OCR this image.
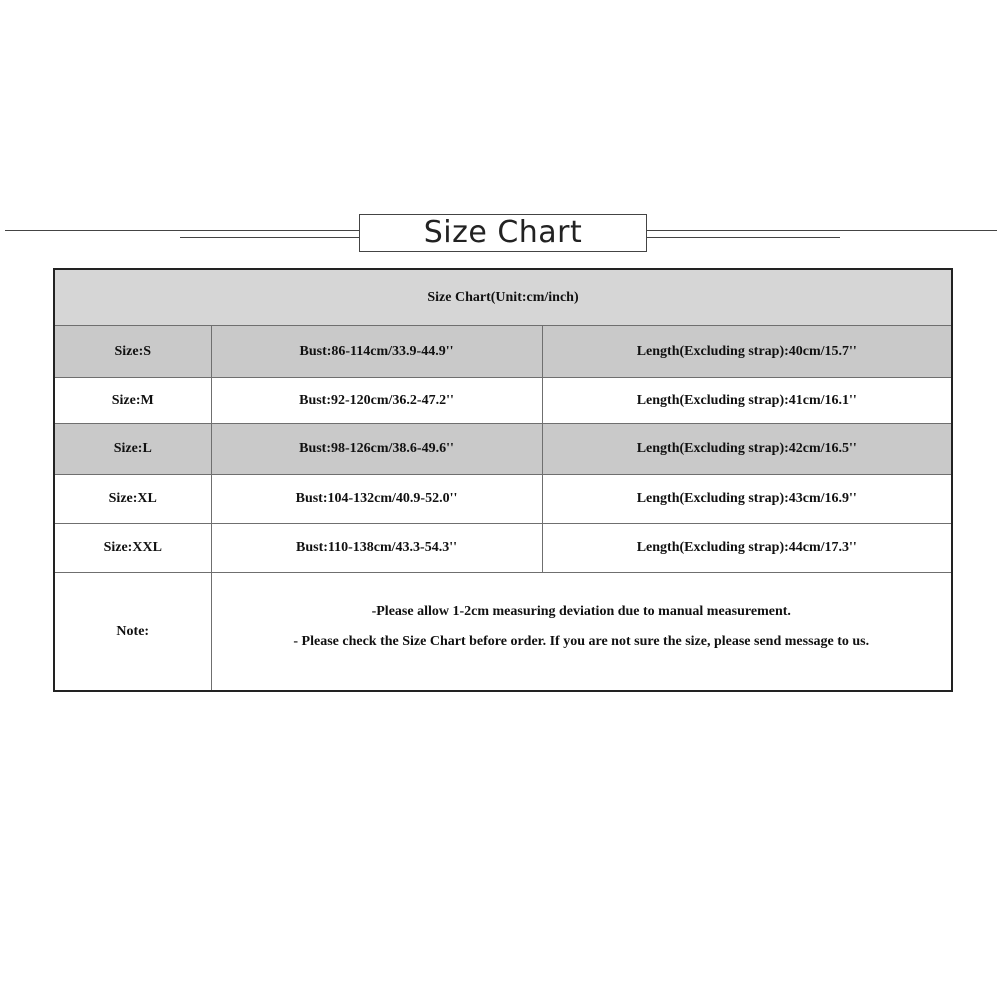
Size Chart
Size Chart(Unit:cm/inch)		
Size:S	Bust:86-114cm/33.9-44.9''	Length(Excluding strap):40cm/15.7''
Size:M	Bust:92-120cm/36.2-47.2''	Length(Excluding strap):41cm/16.1''
Size:L	Bust:98-126cm/38.6-49.6''	Length(Excluding strap):42cm/16.5''
Size:XL	Bust:104-132cm/40.9-52.0''	Length(Excluding strap):43cm/16.9''
Size:XXL	Bust:110-138cm/43.3-54.3''	Length(Excluding strap):44cm/17.3''
Note:	-Please allow 1-2cm measuring deviation due to manual measurement.
- Please check the Size Chart before order. If you are not sure the size, please send message to us.	
